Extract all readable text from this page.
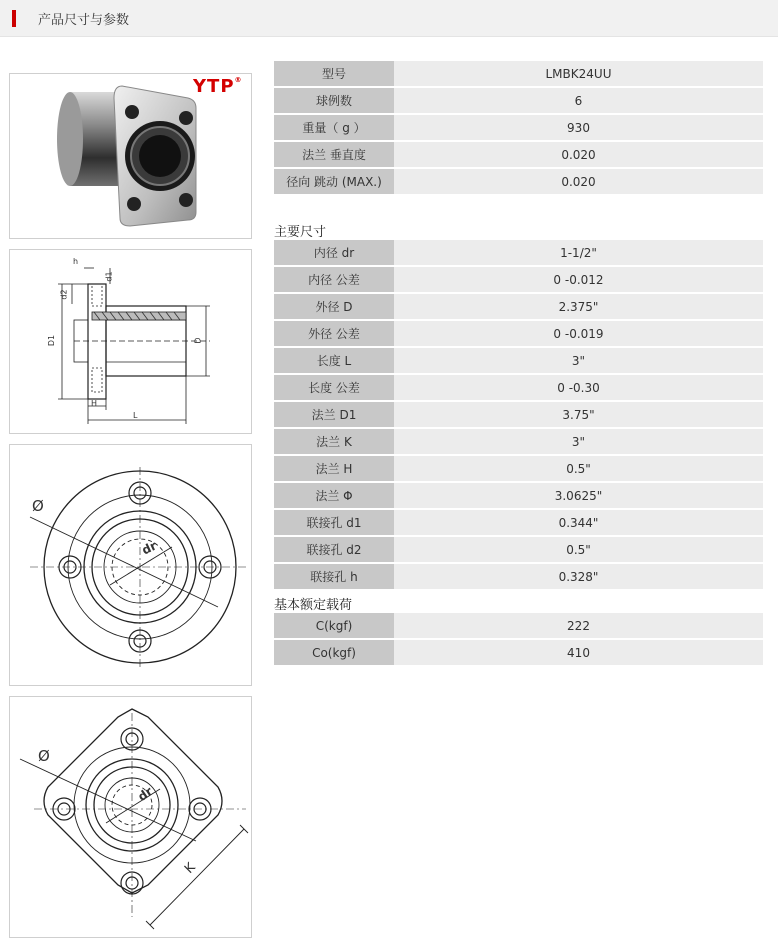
产品尺寸与参数
YTP®
h
d1
d2
D1	D
H
L
Ø
dr
Ø
dr
K
型号	LMBK24UU
球例数	6
重量（ g ）	930
法兰 垂直度	0.020
径向 跳动 (MAX.)	0.020
主要尺寸
内径 dr	1-1/2"
内径 公差	0 -0.012
外径 D	2.375"
外径 公差	0 -0.019
长度 L	3"
长度 公差	0 -0.30
法兰 D1	3.75"
法兰 K	3"
法兰 H	0.5"
法兰 Φ	3.0625"
联接孔 d1	0.344"
联接孔 d2	0.5"
联接孔 h	0.328"
基本额定载荷
C(kgf)	222
Co(kgf)	410
